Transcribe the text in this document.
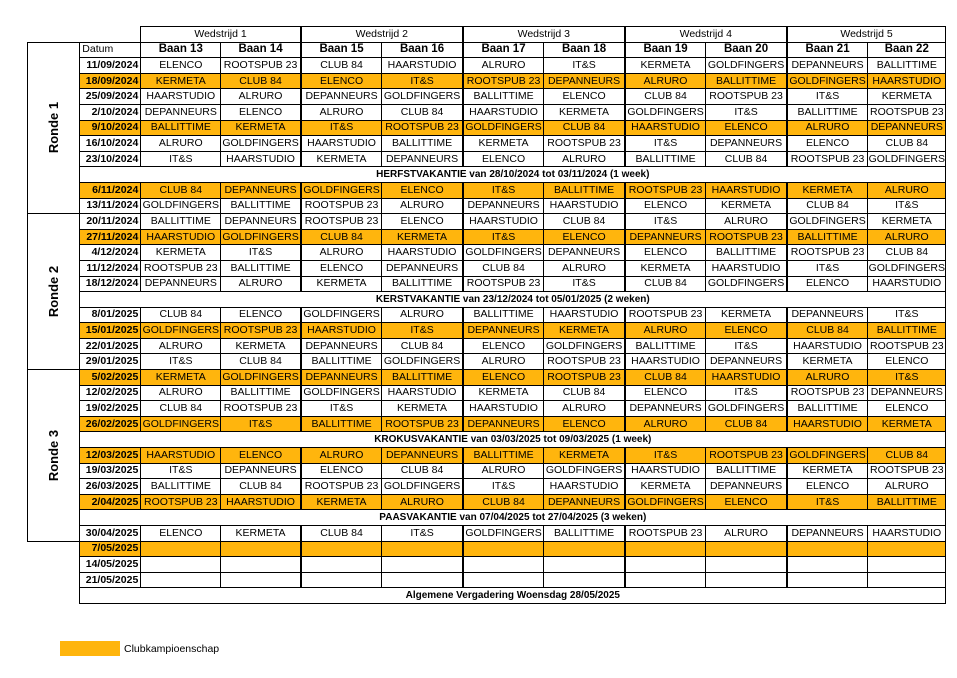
		Wedstrijd 1		Wedstrijd 2		Wedstrijd 3		Wedstrijd 4		Wedstrijd 5	
Ronde 1	Datum	Baan 13	Baan 14	Baan 15	Baan 16	Baan 17	Baan 18	Baan 19	Baan 20	Baan 21	Baan 22
	11/09/2024	ELENCO	ROOTSPUB 23	CLUB 84	HAARSTUDIO	ALRURO	IT&S	KERMETA	GOLDFINGERS	DEPANNEURS	BALLITTIME
	18/09/2024	KERMETA	CLUB 84	ELENCO	IT&S	ROOTSPUB 23	DEPANNEURS	ALRURO	BALLITTIME	GOLDFINGERS	HAARSTUDIO
	25/09/2024	HAARSTUDIO	ALRURO	DEPANNEURS	GOLDFINGERS	BALLITTIME	ELENCO	CLUB 84	ROOTSPUB 23	IT&S	KERMETA
	2/10/2024	DEPANNEURS	ELENCO	ALRURO	CLUB 84	HAARSTUDIO	KERMETA	GOLDFINGERS	IT&S	BALLITTIME	ROOTSPUB 23
	9/10/2024	BALLITTIME	KERMETA	IT&S	ROOTSPUB 23	GOLDFINGERS	CLUB 84	HAARSTUDIO	ELENCO	ALRURO	DEPANNEURS
	16/10/2024	ALRURO	GOLDFINGERS	HAARSTUDIO	BALLITTIME	KERMETA	ROOTSPUB 23	IT&S	DEPANNEURS	ELENCO	CLUB 84
	23/10/2024	IT&S	HAARSTUDIO	KERMETA	DEPANNEURS	ELENCO	ALRURO	BALLITTIME	CLUB 84	ROOTSPUB 23	GOLDFINGERS
	HERFSTVAKANTIE van 28/10/2024 tot 03/11/2024 (1 week)										
	6/11/2024	CLUB 84	DEPANNEURS	GOLDFINGERS	ELENCO	IT&S	BALLITTIME	ROOTSPUB 23	HAARSTUDIO	KERMETA	ALRURO
	13/11/2024	GOLDFINGERS	BALLITTIME	ROOTSPUB 23	ALRURO	DEPANNEURS	HAARSTUDIO	ELENCO	KERMETA	CLUB 84	IT&S
Ronde 2	20/11/2024	BALLITTIME	DEPANNEURS	ROOTSPUB 23	ELENCO	HAARSTUDIO	CLUB 84	IT&S	ALRURO	GOLDFINGERS	KERMETA
	27/11/2024	HAARSTUDIO	GOLDFINGERS	CLUB 84	KERMETA	IT&S	ELENCO	DEPANNEURS	ROOTSPUB 23	BALLITTIME	ALRURO
	4/12/2024	KERMETA	IT&S	ALRURO	HAARSTUDIO	GOLDFINGERS	DEPANNEURS	ELENCO	BALLITTIME	ROOTSPUB 23	CLUB 84
	11/12/2024	ROOTSPUB 23	BALLITTIME	ELENCO	DEPANNEURS	CLUB 84	ALRURO	KERMETA	HAARSTUDIO	IT&S	GOLDFINGERS
	18/12/2024	DEPANNEURS	ALRURO	KERMETA	BALLITTIME	ROOTSPUB 23	IT&S	CLUB 84	GOLDFINGERS	ELENCO	HAARSTUDIO
	KERSTVAKANTIE van 23/12/2024 tot 05/01/2025 (2 weken)										
	8/01/2025	CLUB 84	ELENCO	GOLDFINGERS	ALRURO	BALLITTIME	HAARSTUDIO	ROOTSPUB 23	KERMETA	DEPANNEURS	IT&S
	15/01/2025	GOLDFINGERS	ROOTSPUB 23	HAARSTUDIO	IT&S	DEPANNEURS	KERMETA	ALRURO	ELENCO	CLUB 84	BALLITTIME
	22/01/2025	ALRURO	KERMETA	DEPANNEURS	CLUB 84	ELENCO	GOLDFINGERS	BALLITTIME	IT&S	HAARSTUDIO	ROOTSPUB 23
	29/01/2025	IT&S	CLUB 84	BALLITTIME	GOLDFINGERS	ALRURO	ROOTSPUB 23	HAARSTUDIO	DEPANNEURS	KERMETA	ELENCO
Ronde 3	5/02/2025	KERMETA	GOLDFINGERS	DEPANNEURS	BALLITTIME	ELENCO	ROOTSPUB 23	CLUB 84	HAARSTUDIO	ALRURO	IT&S
	12/02/2025	ALRURO	BALLITTIME	GOLDFINGERS	HAARSTUDIO	KERMETA	CLUB 84	ELENCO	IT&S	ROOTSPUB 23	DEPANNEURS
	19/02/2025	CLUB 84	ROOTSPUB 23	IT&S	KERMETA	HAARSTUDIO	ALRURO	DEPANNEURS	GOLDFINGERS	BALLITTIME	ELENCO
	26/02/2025	GOLDFINGERS	IT&S	BALLITTIME	ROOTSPUB 23	DEPANNEURS	ELENCO	ALRURO	CLUB 84	HAARSTUDIO	KERMETA
	KROKUSVAKANTIE van 03/03/2025 tot 09/03/2025 (1 week)										
	12/03/2025	HAARSTUDIO	ELENCO	ALRURO	DEPANNEURS	BALLITTIME	KERMETA	IT&S	ROOTSPUB 23	GOLDFINGERS	CLUB 84
	19/03/2025	IT&S	DEPANNEURS	ELENCO	CLUB 84	ALRURO	GOLDFINGERS	HAARSTUDIO	BALLITTIME	KERMETA	ROOTSPUB 23
	26/03/2025	BALLITTIME	CLUB 84	ROOTSPUB 23	GOLDFINGERS	IT&S	HAARSTUDIO	KERMETA	DEPANNEURS	ELENCO	ALRURO
	2/04/2025	ROOTSPUB 23	HAARSTUDIO	KERMETA	ALRURO	CLUB 84	DEPANNEURS	GOLDFINGERS	ELENCO	IT&S	BALLITTIME
	PAASVAKANTIE van 07/04/2025 tot 27/04/2025 (3 weken)										
	30/04/2025	ELENCO	KERMETA	CLUB 84	IT&S	GOLDFINGERS	BALLITTIME	ROOTSPUB 23	ALRURO	DEPANNEURS	HAARSTUDIO
	7/05/2025										
	14/05/2025										
	21/05/2025										
	Algemene Vergadering Woensdag 28/05/2025										
Clubkampioenschap
